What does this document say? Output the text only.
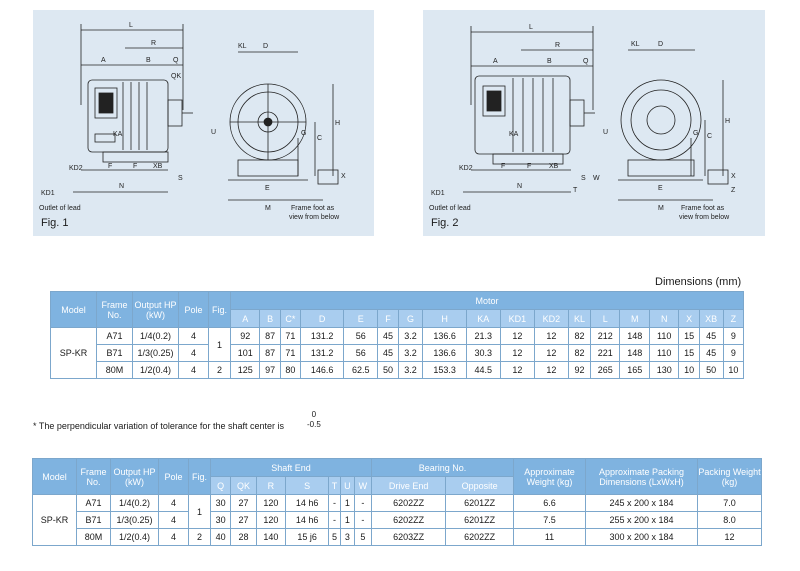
L
R
A	B	Q
QK
KL D
H
C
G
U
E
F	F XB
N
S
KD2
KD1
M
X
KA
Outlet of lead	Frame foot as
view from below
Fig. 1
L
R
A	B	Q
KL	D
H
C
G
U
E
F	F	XB
N
S
T
W
KD2
KD1
M
X
Z
KA
Outlet of lead	Frame foot as
view from below
Fig. 2
Dimensions (mm)
Model	Frame No.	Output HP (kW)	Pole	Fig.	Motor																	
					A	B	C*	D	E	F	G	H	KA	KD1	KD2	KL	L	M	N	X	XB	Z
SP-KR	A71	1/4(0.2)	4	1	92	87	71	131.2	56	45	3.2	136.6	21.3	12	12	82	212	148	110	15	45	9
	B71	1/3(0.25)	4		101	87	71	131.2	56	45	3.2	136.6	30.3	12	12	82	221	148	110	15	45	9
	80M	1/2(0.4)	4	2	125	97	80	146.6	62.5	50	3.2	153.3	44.5	12	12	92	265	165	130	10	50	10
0
-0.5
* The perpendicular variation of tolerance for the shaft center is
Model	Frame No.	Output HP (kW)	Pole	Fig.	Shaft End							Bearing No.		Approximate Weight (kg)	Approximate Packing Dimensions (LxWxH)	Packing Weight (kg)
					Q	QK	R	S	T	U	W	Drive End	Opposite			
SP-KR	A71	1/4(0.2)	4	1	30	27	120	14 h6	-	1	-	6202ZZ	6201ZZ	6.6	245 x 200 x 184	7.0
	B71	1/3(0.25)	4		30	27	120	14 h6	-	1	-	6202ZZ	6201ZZ	7.5	255 x 200 x 184	8.0
	80M	1/2(0.4)	4	2	40	28	140	15 j6	5	3	5	6203ZZ	6202ZZ	11	300 x 200 x 184	12
